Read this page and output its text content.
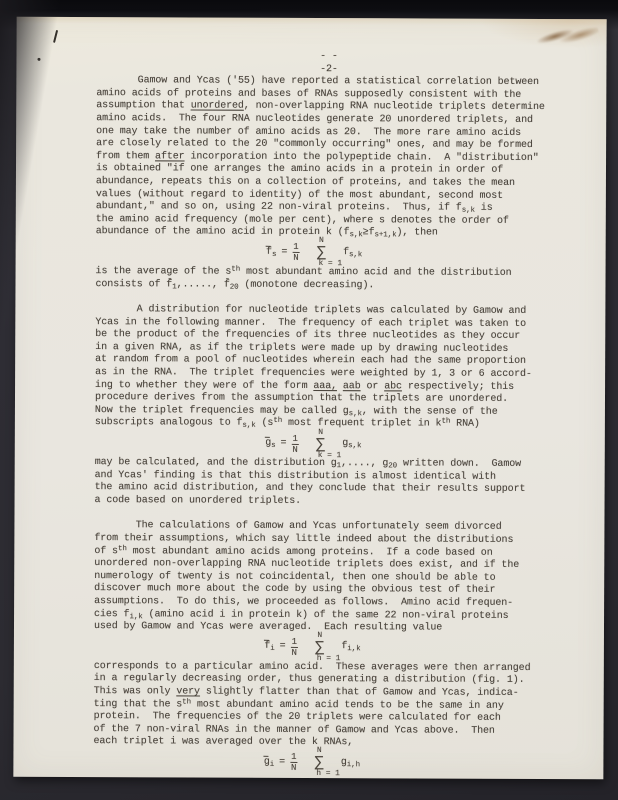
- -
-2-
Gamow and Ycas ('55) have reported a statistical correlation between
amino acids of proteins and bases of RNAs supposedly consistent with the
assumption that unordered, non-overlapping RNA nucleotide triplets determine
amino acids.  The four RNA nucleotides generate 20 unordered triplets, and
one may take the number of amino acids as 20.  The more rare amino acids
are closely related to the 20 "commonly occurring" ones, and may be formed
from them after incorporation into the polypeptide chain.  A "distribution"
is obtained "if one arranges the amino acids in a protein in order of
abundance, repeats this on a collection of proteins, and takes the mean
values (without regard to identity) of the most abundant, second most
abundant," and so on, using 22 non-viral proteins.  Thus, if $f_{s,k}$ is
the amino acid frequency (mole per cent), where s denotes the order of
abundance of the amino acid in protein k $(f_{s,k}\ge f_{s+1,k})$, then
$f_s = \frac{1}{N}$
N
∑
k = 1
$f_{s,k}$
is the average of the $s^{th}$ most abundant amino acid and the distribution
consists of $f̄_1$,....., $f̄_{20}$ (monotone decreasing).
A distribution for nucleotide triplets was calculated by Gamow and
Ycas in the following manner.  The frequency of each triplet was taken to
be the product of the frequencies of its three nucleotides as they occur
in a given RNA, as if the triplets were made up by drawing nucleotides
at random from a pool of nucleotides wherein each had the same proportion
as in the RNA.  The triplet frequencies were weighted by 1, 3 or 6 accord-
ing to whether they were of the form aaa, aab or abc respectively; this
procedure derives from the assumption that the triplets are unordered.
Now the triplet frequencies may be called $g_{s,k}$, with the sense of the
subscripts analogous to $f_{s,k}$ ($s^{th}$ most frequent triplet in $k^{th}$ RNA)
$g_s = \frac{1}{N}$
N
∑
k = 1
$g_{s,k}$
may be calculated, and the distribution $g_1$,...., $g_{20}$ written down.  Gamow
and Ycas' finding is that this distribution is almost identical with
the amino acid distribution, and they conclude that their results support
a code based on unordered triplets.
The calculations of Gamow and Ycas unfortunately seem divorced
from their assumptions, which say little indeed about the distributions
of $s^{th}$ most abundant amino acids among proteins.  If a code based on
unordered non-overlapping RNA nucleotide triplets does exist, and if the
numerology of twenty is not coincidental, then one should be able to
discover much more about the code by using the obvious test of their
assumptions.  To do this, we proceeded as follows.  Amino acid frequen-
cies $f_{i,k}$ (amino acid i in protein k) of the same 22 non-viral proteins
used by Gamow and Ycas were averaged.  Each resulting value
$f_i = \frac{1}{N}$
N
∑
h = 1
$f_{i,k}$
corresponds to a particular amino acid.  These averages were then arranged
in a regularly decreasing order, thus generating a distribution (fig. 1).
This was only very slightly flatter than that of Gamow and Ycas, indica-
ting that the $s^{th}$ most abundant amino acid tends to be the same in any
protein.  The frequencies of the 20 triplets were calculated for each
of the 7 non-viral RNAs in the manner of Gamow and Ycas above.  Then
each triplet i was averaged over the k RNAs,
$g_i = \frac{1}{N}$
N
∑
h = 1
$g_{i,h}$
